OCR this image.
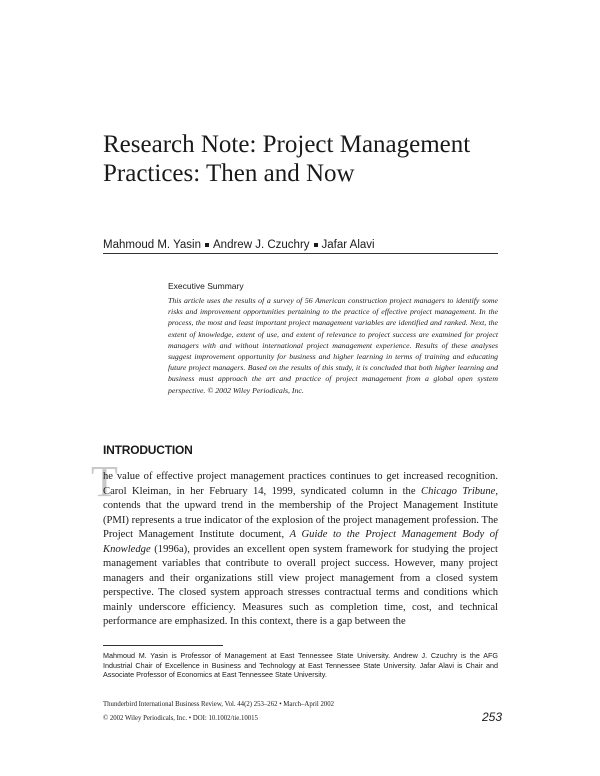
Research Note: Project Management Practices: Then and Now
Mahmoud M. Yasin Andrew J. Czuchry Jafar Alavi
Executive Summary

This article uses the results of a survey of 56 American construction project managers to identify some risks and improvement opportunities pertaining to the practice of effective project management. In the process, the most and least important project management variables are identified and ranked. Next, the extent of knowledge, extent of use, and extent of relevance to project success are examined for project managers with and without international project management experience. Results of these analyses suggest improvement opportunity for business and higher learning in terms of training and educating future project managers. Based on the results of this study, it is concluded that both higher learning and business must approach the art and practice of project management from a global open system perspective. © 2002 Wiley Periodicals, Inc.

INTRODUCTION
T

he value of effective project management practices continues to get increased recognition. Carol Kleiman, in her February 14, 1999, syndicated column in the Chicago Tribune, contends that the upward trend in the membership of the Project Management Institute (PMI) represents a true indicator of the explosion of the project management profession. The Project Management Institute document, A Guide to the Project Management Body of Knowledge (1996a), provides an excellent open system framework for studying the project management variables that contribute to overall project success. However, many project managers and their organizations still view project management from a closed system perspective. The closed system approach stresses contractual terms and conditions which mainly underscore efficiency. Measures such as completion time, cost, and technical performance are emphasized. In this context, there is a gap between the

Mahmoud M. Yasin is Professor of Management at East Tennessee State University. Andrew J. Czuchry is the AFG Industrial Chair of Excellence in Business and Technology at East Tennessee State University. Jafar Alavi is Chair and Associate Professor of Economics at East Tennessee State University.

Thunderbird International Business Review, Vol. 44(2) 253–262 • March–April 2002
© 2002 Wiley Periodicals, Inc. • DOI: 10.1002/tie.10015	253
